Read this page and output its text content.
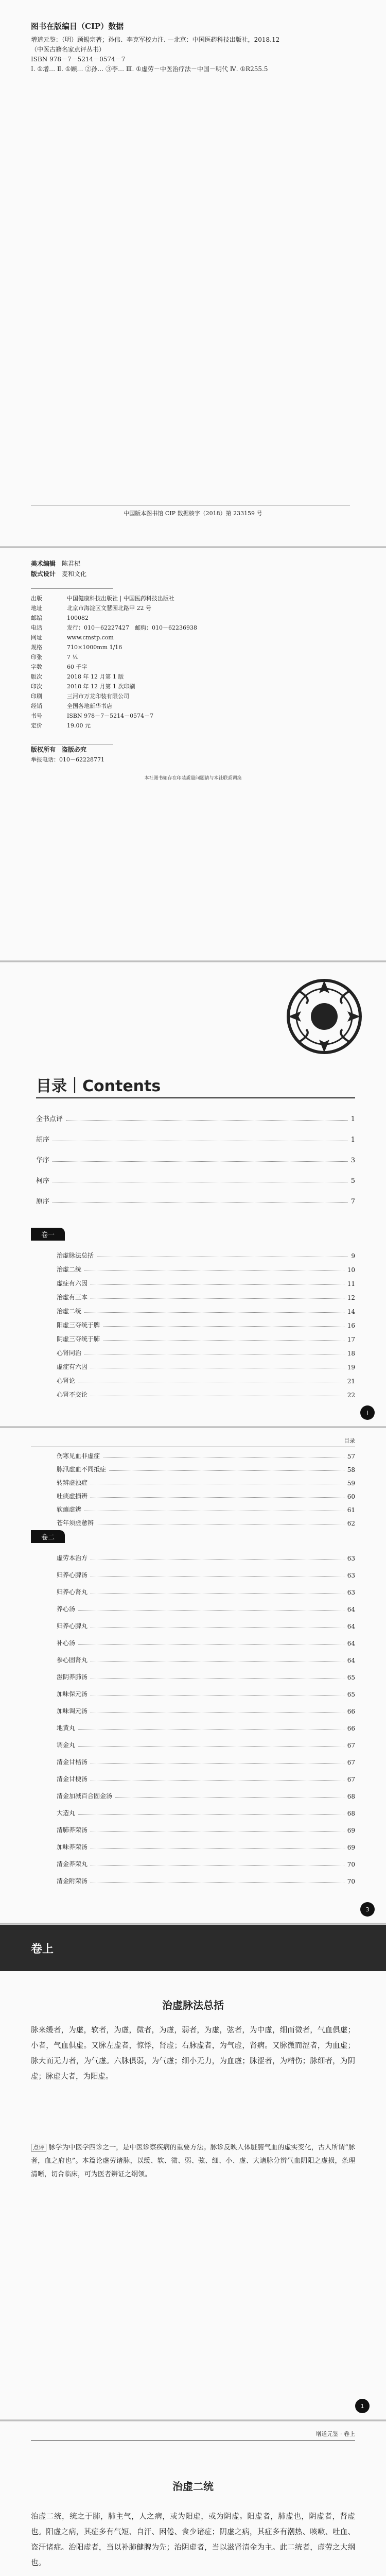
图书在版编目（CIP）数据
增道元鉴：（明）顾锡宗著；孙伟、李克军校力注. —北京：中国医药科技出版社，2018.12
（中医古籍名家点评丛书）
ISBN 978－7－5214－0574－7
Ⅰ. ①增… Ⅱ. ①顾… ②孙… ③李… Ⅲ. ①虚劳－中医治疗法－中国－明代 Ⅳ. ①R255.5
中国版本图书馆 CIP 数据核字（2018）第 233159 号
美术编辑　 陈君杞
版式设计　 麦和文化
出版	中国健康科技出版社 | 中国医药科技出版社
地址	北京市海淀区文慧园北路甲 22 号
邮编	100082
电话	发行：010－62227427　邮购：010－62236938
网址	www.cmstp.com
规格	710×1000mm 1/16
印张	7 ¼
字数	60 千字
版次	2018 年 12 月第 1 版
印次	2018 年 12 月第 1 次印刷
印刷	三河市万龙印装有限公司
经销	全国各地新华书店
书号	ISBN 978－7－5214－0574－7
定价	19.00 元
版权所有　盗版必究
举报电话：010－62228771
本社图书如存在印装质量问题请与本社联系调换
目录｜Contents
全书点评	1
胡序	1
华序	3
柯序	5
原序	7
卷一
治虚脉法总括	9
治虚二统	10
虚症有六因	11
治虚有三本	12
治虚二统	14
阳虚三夺统于脾	16
阴虚三夺统于肺	17
心肾同治	18
虚症有六因	19
心肾论	21
心肾不交论	22
I
目录
伤寒见血非虚症	57
脉汛虚血不同抵症	58
转辨虚浊症	59
吐痰虚损辨	60
软瘫虚辨	61
苍年须虚惫辨	62
卷二
虚劳本治方	63
归养心脾汤	63
归养心肾丸	63
养心汤	64
归养心脾丸	64
补心汤	64
参心固肾丸	64
滋阴养肺汤	65
加味保元汤	65
加味调元汤	66
地黄丸	66
调金丸	67
清金甘桔汤	67
清金甘梗汤	67
清金加减百合固金汤	68
大造丸	68
清肺养荣汤	69
加味养荣汤	69
清金养荣丸	70
清金附荣汤	70
3
卷上
治虚脉法总括
脉来缓者，为虚，软者，为虚，微者，为虚，弱者，为虚，弦者，为中虚，细而微者，气血俱虚；小者，气血俱虚。又脉左虚者，惊悸，肾虚；右脉虚者，为气虚，肾病。又脉微而涩者，为血虚；脉大而无力者，为气虚。六脉俱弱，为气虚；细小无力，为血虚；脉涩者，为精伤；脉细者，为阴虚；脉虚大者，为阳虚。
点评 脉学为中医学四诊之一，是中医诊察疾病的重要方法。脉诊反映人体脏腑气血的虚实变化，古人所谓“脉者，血之府也”。本篇论虚劳诸脉，以缓、软、微、弱、弦、细、小、虚、大诸脉分辨气血阴阳之虚损，条理清晰，切合临床，可为医者辨证之纲领。
1
增道元鉴 · 卷上
治虚二统
治虚二统，统之于肺，肺主气，人之病，或为阳虚，或为阴虚。阳虚者，肺虚也，阴虚者，肾虚也。阳虚之病，其症多有气短、自汗、困倦、食少诸症；阴虚之病，其症多有潮热、咳嗽、吐血、盗汗诸症。治阳虚者，当以补肺健脾为先；治阴虚者，当以滋肾清金为主。此二统者，虚劳之大纲也。
